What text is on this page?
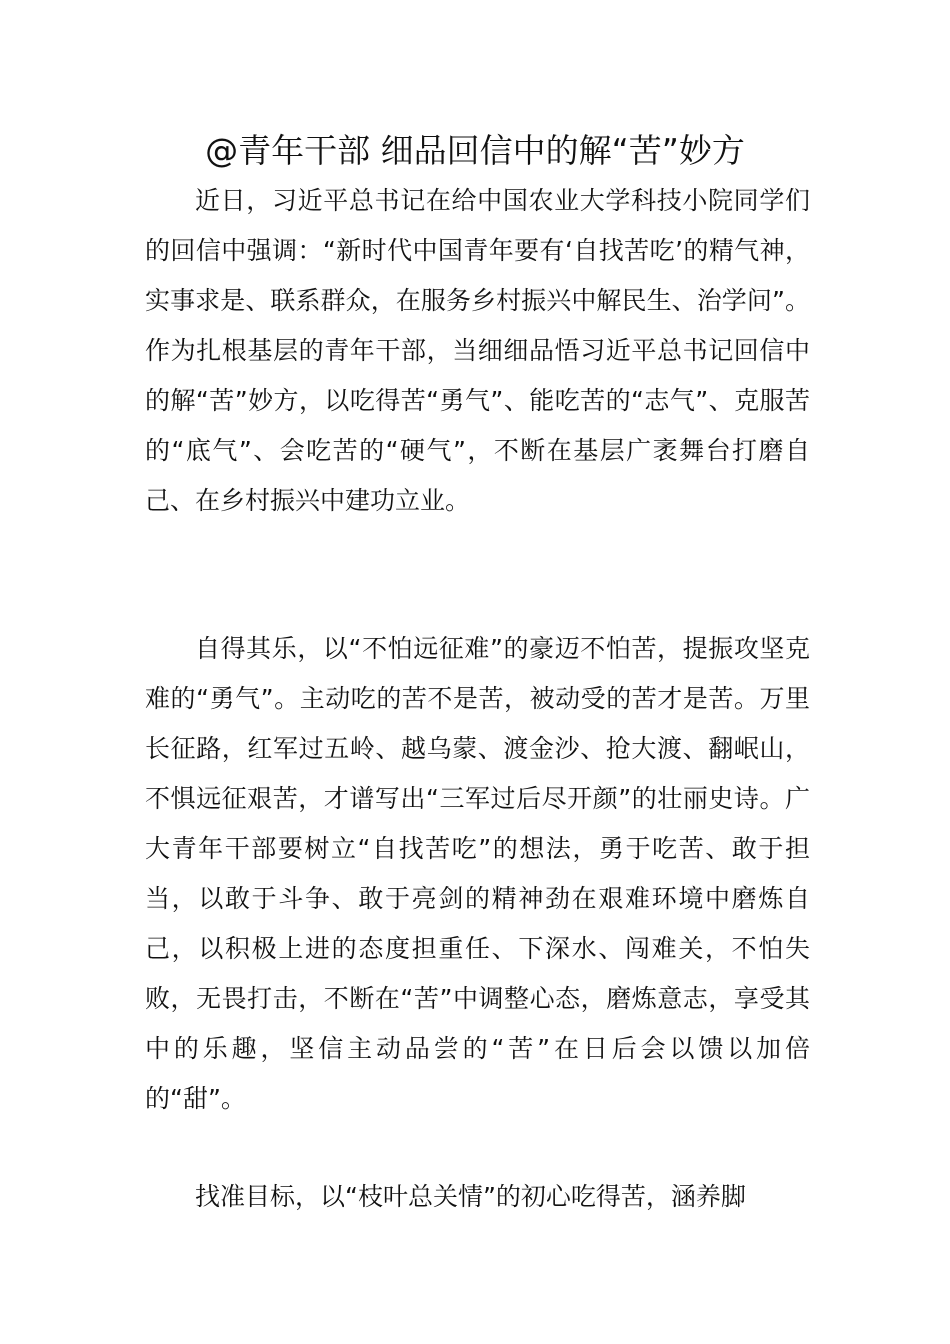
@青年干部 细品回信中的解“苦”妙方

近日，习近平总书记在给中国农业大学科技小院同学们的回信中强调：“新时代中国青年要有‘自找苦吃’的精气神，实事求是、联系群众，在服务乡村振兴中解民生、治学问”。作为扎根基层的青年干部，当细细品悟习近平总书记回信中的解“苦”妙方，以吃得苦“勇气”、能吃苦的“志气”、克服苦的“底气”、会吃苦的“硬气”，不断在基层广袤舞台打磨自己、在乡村振兴中建功立业。

自得其乐，以“不怕远征难”的豪迈不怕苦，提振攻坚克难的“勇气”。主动吃的苦不是苦，被动受的苦才是苦。万里长征路，红军过五岭、越乌蒙、渡金沙、抢大渡、翻岷山，不惧远征艰苦，才谱写出“三军过后尽开颜”的壮丽史诗。广大青年干部要树立“自找苦吃”的想法，勇于吃苦、敢于担当，以敢于斗争、敢于亮剑的精神劲在艰难环境中磨炼自己，以积极上进的态度担重任、下深水、闯难关，不怕失败，无畏打击，不断在“苦”中调整心态，磨炼意志，享受其中的乐趣，坚信主动品尝的“苦”在日后会以馈以加倍的“甜”。

找准目标，以“枝叶总关情”的初心吃得苦，涵养脚
